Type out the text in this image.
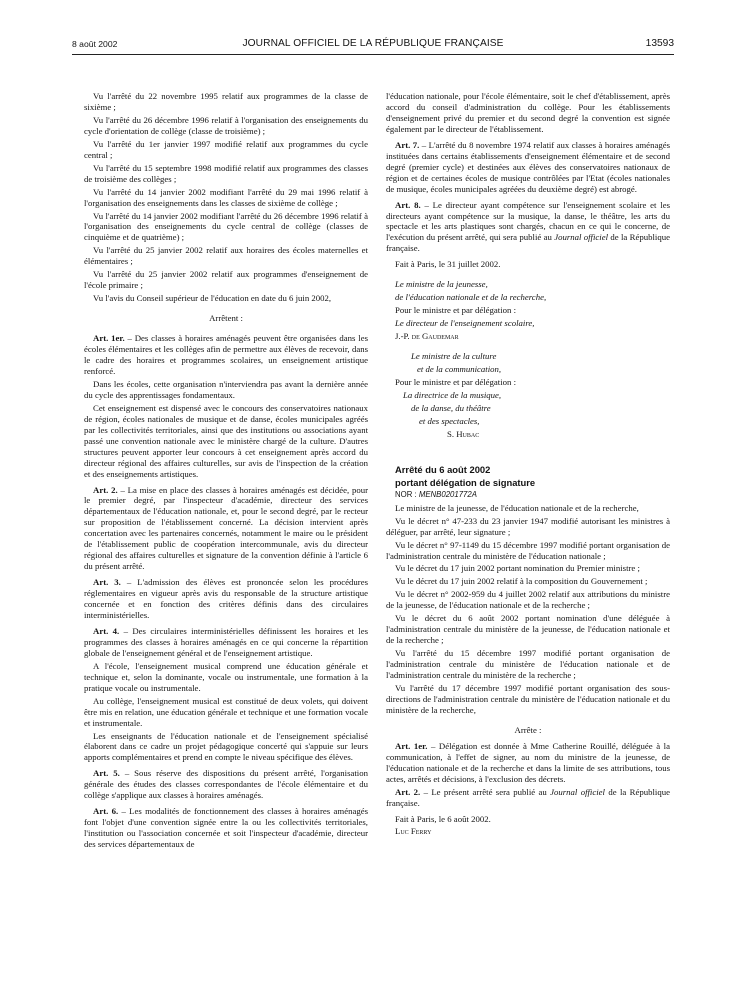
8 août 2002	JOURNAL OFFICIEL DE LA RÉPUBLIQUE FRANÇAISE	13593

Vu l'arrêté du 22 novembre 1995 relatif aux programmes de la classe de sixième ;

Vu l'arrêté du 26 décembre 1996 relatif à l'organisation des enseignements du cycle d'orientation de collège (classe de troisième) ;

Vu l'arrêté du 1er janvier 1997 modifié relatif aux programmes du cycle central ;

Vu l'arrêté du 15 septembre 1998 modifié relatif aux programmes des classes de troisième des collèges ;

Vu l'arrêté du 14 janvier 2002 modifiant l'arrêté du 29 mai 1996 relatif à l'organisation des enseignements dans les classes de sixième de collège ;

Vu l'arrêté du 14 janvier 2002 modifiant l'arrêté du 26 décembre 1996 relatif à l'organisation des enseignements du cycle central de collège (classes de cinquième et de quatrième) ;

Vu l'arrêté du 25 janvier 2002 relatif aux horaires des écoles maternelles et élémentaires ;

Vu l'arrêté du 25 janvier 2002 relatif aux programmes d'enseignement de l'école primaire ;

Vu l'avis du Conseil supérieur de l'éducation en date du 6 juin 2002,

Arrêtent :

Art. 1er. – Des classes à horaires aménagés peuvent être organisées dans les écoles élémentaires et les collèges afin de permettre aux élèves de recevoir, dans le cadre des horaires et programmes scolaires, un enseignement artistique renforcé.

Dans les écoles, cette organisation n'interviendra pas avant la dernière année du cycle des apprentissages fondamentaux.

Cet enseignement est dispensé avec le concours des conservatoires nationaux de région, écoles nationales de musique et de danse, écoles municipales agréés par les collectivités territoriales, ainsi que des institutions ou associations ayant passé une convention nationale avec le ministère chargé de la culture. D'autres structures peuvent apporter leur concours à cet enseignement après accord du directeur régional des affaires culturelles, sur avis de l'inspection de la création et des enseignements artistiques.

Art. 2. – La mise en place des classes à horaires aménagés est décidée, pour le premier degré, par l'inspecteur d'académie, directeur des services départementaux de l'éducation nationale, et, pour le second degré, par le recteur sur proposition de l'établissement concerné. La décision intervient après concertation avec les partenaires concernés, notamment le maire ou le président de l'établissement public de coopération intercommunale, avis du directeur régional des affaires culturelles et signature de la convention définie à l'article 6 du présent arrêté.

Art. 3. – L'admission des élèves est prononcée selon les procédures réglementaires en vigueur après avis du responsable de la structure artistique concernée et en fonction des critères définis dans des circulaires interministérielles.

Art. 4. – Des circulaires interministérielles définissent les horaires et les programmes des classes à horaires aménagés en ce qui concerne la répartition globale de l'enseignement général et de l'enseignement artistique.

A l'école, l'enseignement musical comprend une éducation générale et technique et, selon la dominante, vocale ou instrumentale, une formation à la pratique vocale ou instrumentale.

Au collège, l'enseignement musical est constitué de deux volets, qui doivent être mis en relation, une éducation générale et technique et une formation vocale et instrumentale.

Les enseignants de l'éducation nationale et de l'enseignement spécialisé élaborent dans ce cadre un projet pédagogique concerté qui s'appuie sur leurs apports complémentaires et prend en compte le niveau spécifique des élèves.

Art. 5. – Sous réserve des dispositions du présent arrêté, l'organisation générale des études des classes correspondantes de l'école élémentaire et du collège s'applique aux classes à horaires aménagés.

Art. 6. – Les modalités de fonctionnement des classes à horaires aménagés font l'objet d'une convention signée entre la ou les collectivités territoriales, l'institution ou l'association concernée et soit l'inspecteur d'académie, directeur des services départementaux de

l'éducation nationale, pour l'école élémentaire, soit le chef d'établissement, après accord du conseil d'administration du collège. Pour les établissements d'enseignement privé du premier et du second degré la convention est signée également par le directeur de l'établissement.

Art. 7. – L'arrêté du 8 novembre 1974 relatif aux classes à horaires aménagés instituées dans certains établissements d'enseignement élémentaire et de second degré (premier cycle) et destinées aux élèves des conservatoires nationaux de région et de certaines écoles de musique contrôlées par l'Etat (écoles nationales de musique, écoles municipales agréées du deuxième degré) est abrogé.

Art. 8. – Le directeur ayant compétence sur l'enseignement scolaire et les directeurs ayant compétence sur la musique, la danse, le théâtre, les arts du spectacle et les arts plastiques sont chargés, chacun en ce qui le concerne, de l'exécution du présent arrêté, qui sera publié au Journal officiel de la République française.

Fait à Paris, le 31 juillet 2002.

Le ministre de la jeunesse,

de l'éducation nationale et de la recherche,

Pour le ministre et par délégation :

Le directeur de l'enseignement scolaire,

J.-P. de Gaudemar

Le ministre de la culture

et de la communication,

Pour le ministre et par délégation :

La directrice de la musique,

de la danse, du théâtre

et des spectacles,

S. Hubac

Arrêté du 6 août 2002

portant délégation de signature

NOR : MENB0201772A

Le ministre de la jeunesse, de l'éducation nationale et de la recherche,

Vu le décret n° 47-233 du 23 janvier 1947 modifié autorisant les ministres à déléguer, par arrêté, leur signature ;

Vu le décret n° 97-1149 du 15 décembre 1997 modifié portant organisation de l'administration centrale du ministère de l'éducation nationale ;

Vu le décret du 17 juin 2002 portant nomination du Premier ministre ;

Vu le décret du 17 juin 2002 relatif à la composition du Gouvernement ;

Vu le décret n° 2002-959 du 4 juillet 2002 relatif aux attributions du ministre de la jeunesse, de l'éducation nationale et de la recherche ;

Vu le décret du 6 août 2002 portant nomination d'une déléguée à l'administration centrale du ministère de la jeunesse, de l'éducation nationale et de la recherche ;

Vu l'arrêté du 15 décembre 1997 modifié portant organisation de l'administration centrale du ministère de l'éducation nationale et de l'administration centrale du ministère de la recherche ;

Vu l'arrêté du 17 décembre 1997 modifié portant organisation des sous-directions de l'administration centrale du ministère de l'éducation nationale et du ministère de la recherche,

Arrête :

Art. 1er. – Délégation est donnée à Mme Catherine Rouillé, déléguée à la communication, à l'effet de signer, au nom du ministre de la jeunesse, de l'éducation nationale et de la recherche et dans la limite de ses attributions, tous actes, arrêtés et décisions, à l'exclusion des décrets.

Art. 2. – Le présent arrêté sera publié au Journal officiel de la République française.

Fait à Paris, le 6 août 2002.

Luc Ferry
